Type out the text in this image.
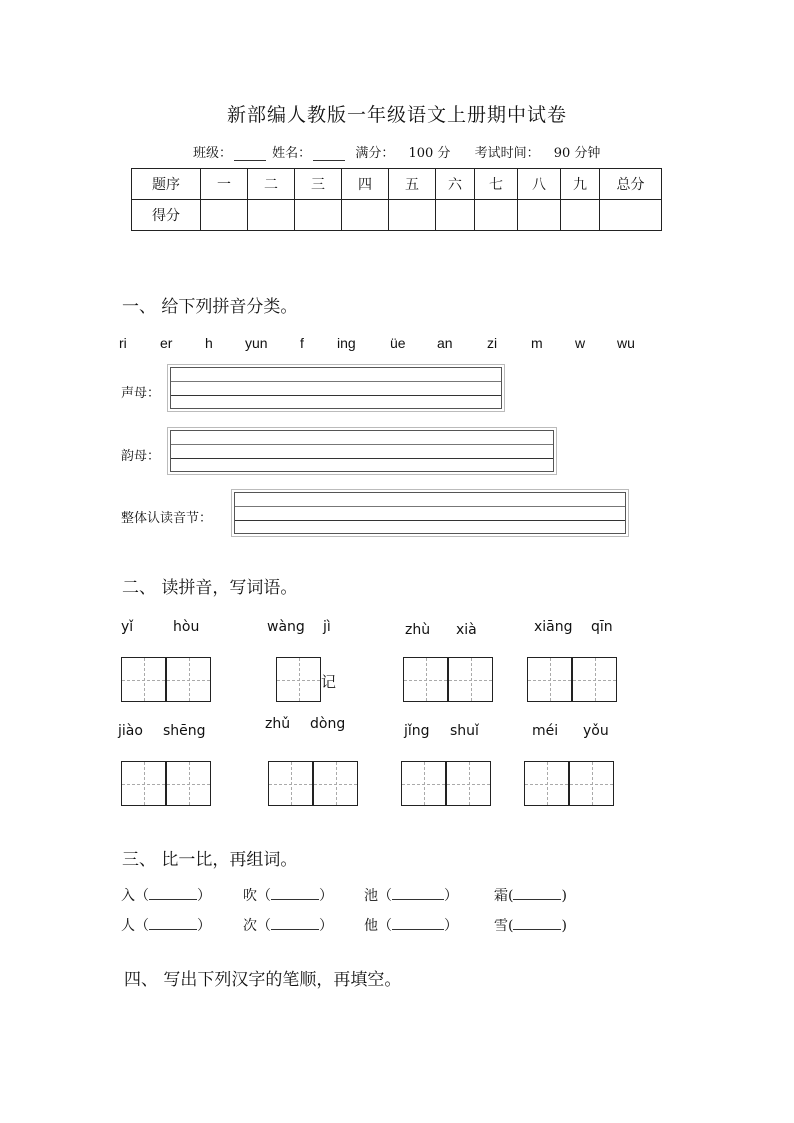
新部编人教版一年级语文上册期中试卷
班级：	姓名：	满分： 100 分 考试时间： 90 分钟
题序	一	二	三	四	五	六	七	八	九	总分
得分										
一、 给下列拼音分类。
ri er h yun f ing üe an zi m w wu
声母：
韵母：
整体认读音节：
二、 读拼音，写词语。
yǐ	hòu	wàng jì	zhù xià	xiāng qīn
记
jiào shēng	zhǔ dòng	jǐng shuǐ	méi yǒu
三、 比一比，再组词。
入（	） 吹（	） 池（	）	霜(	)
人（	） 次（	） 他（	）	雪(	)
四、 写出下列汉字的笔顺，再填空。
